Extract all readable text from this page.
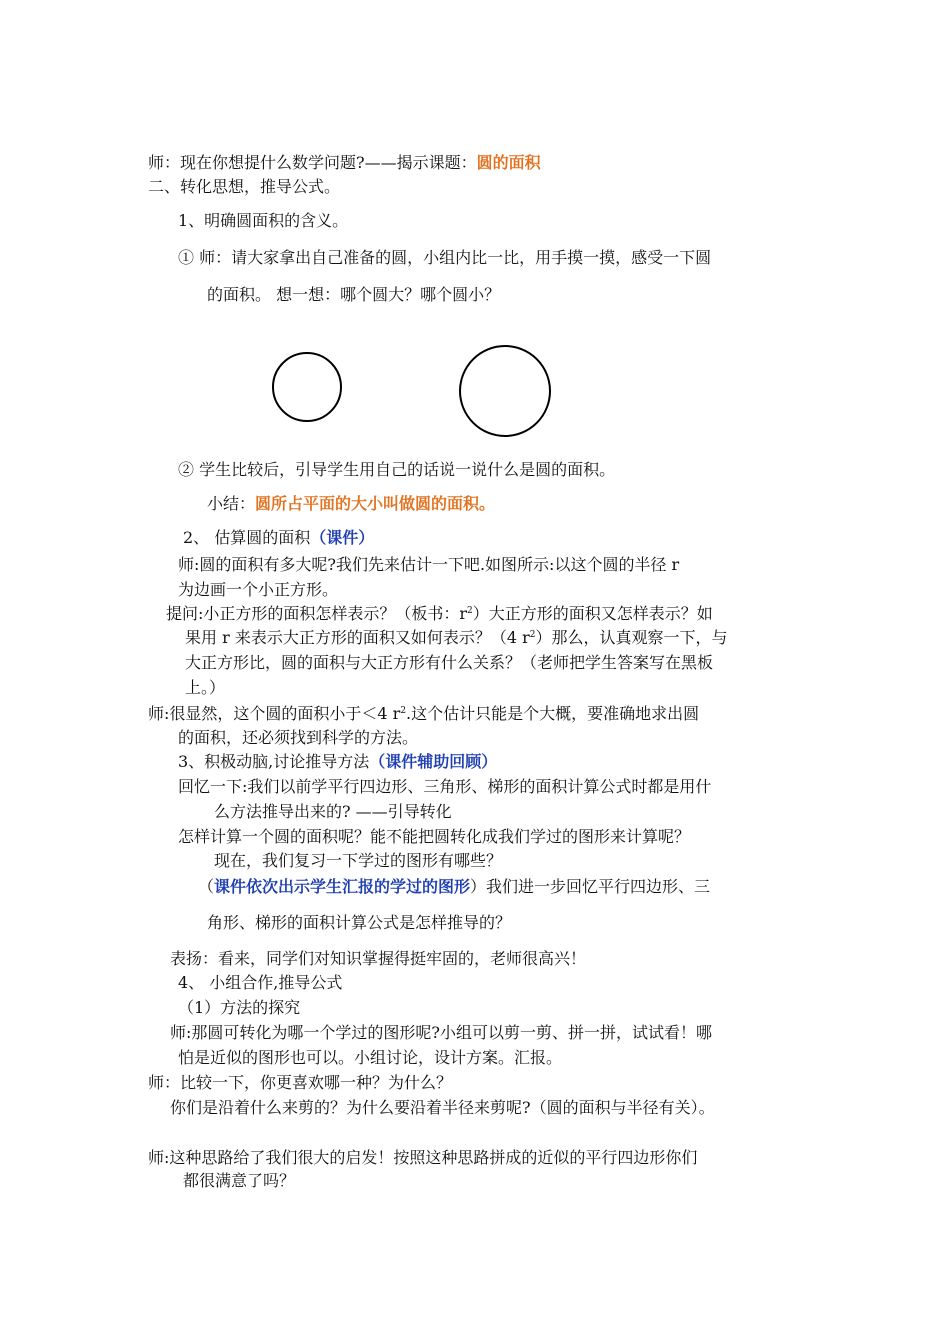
师：现在你想提什么数学问题?——揭示课题：圆的面积
二、转化思想，推导公式。
1、明确圆面积的含义。
① 师：请大家拿出自己准备的圆，小组内比一比，用手摸一摸，感受一下圆
的面积。 想一想：哪个圆大？哪个圆小？
② 学生比较后，引导学生用自己的话说一说什么是圆的面积。
小结：圆所占平面的大小叫做圆的面积。
2、 估算圆的面积（课件）
师:圆的面积有多大呢?我们先来估计一下吧.如图所示:以这个圆的半径 r
为边画一个小正方形。
提问:小正方形的面积怎样表示？（板书：$r^2$）大正方形的面积又怎样表示？如
果用 r 来表示大正方形的面积又如何表示？（4 $r^2$）那么，认真观察一下，与
大正方形比，圆的面积与大正方形有什么关系？（老师把学生答案写在黑板
上。）
师:很显然，这个圆的面积小于＜4 $r^2$.这个估计只能是个大概，要准确地求出圆
的面积，还必须找到科学的方法。
3、积极动脑,讨论推导方法（课件辅助回顾）
回忆一下:我们以前学平行四边形、三角形、梯形的面积计算公式时都是用什
么方法推导出来的? ——引导转化
怎样计算一个圆的面积呢？能不能把圆转化成我们学过的图形来计算呢？
现在，我们复习一下学过的图形有哪些？
（课件依次出示学生汇报的学过的图形）我们进一步回忆平行四边形、三
角形、梯形的面积计算公式是怎样推导的？
表扬：看来，同学们对知识掌握得挺牢固的，老师很高兴！
4、 小组合作,推导公式
（1）方法的探究
师:那圆可转化为哪一个学过的图形呢?小组可以剪一剪、拼一拼，试试看！哪
怕是近似的图形也可以。小组讨论，设计方案。汇报。
师：比较一下，你更喜欢哪一种？为什么？
你们是沿着什么来剪的？为什么要沿着半径来剪呢?（圆的面积与半径有关）。
师:这种思路给了我们很大的启发！按照这种思路拼成的近似的平行四边形你们
都很满意了吗？
